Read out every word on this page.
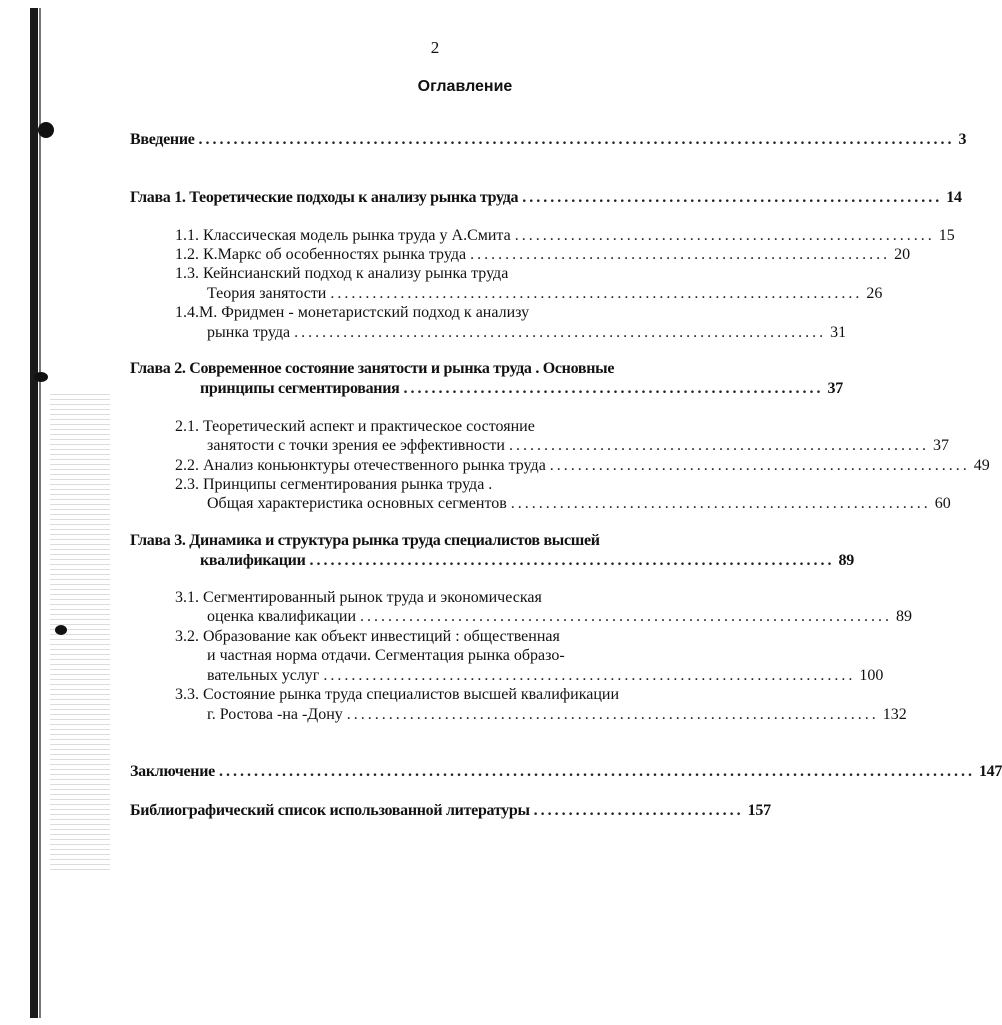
2
Оглавление
Введение ............................................................................................................ 3
Глава 1. Теоретические подходы к анализу рынка труда ............................................................ 14
1.1. Классическая модель рынка труда у А.Смита ............................................................ 15
1.2. К.Маркс об особенностях рынка труда ............................................................ 20
1.3. Кейнсианский подход к анализу рынка труда
Теория занятости ............................................................................ 26
1.4.М. Фридмен - монетаристский подход к анализу
рынка труда ............................................................................ 31
Глава 2. Современное состояние занятости и рынка труда . Основные
принципы сегментирования ............................................................ 37
2.1. Теоретический аспект и практическое состояние
занятости с точки зрения ее эффективности ............................................................ 37
2.2. Анализ коньюнктуры отечественного рынка труда ............................................................ 49
2.3. Принципы сегментирования рынка труда .
Общая характеристика основных сегментов ............................................................ 60
Глава 3. Динамика и структура рынка труда специалистов высшей
квалификации ........................................................................... 89
3.1. Сегментированный рынок труда и экономическая
оценка квалификации ............................................................................ 89
3.2. Образование как объект инвестиций : общественная
и частная норма отдачи. Сегментация рынка образо-
вательных услуг ............................................................................ 100
3.3. Состояние рынка труда специалистов высшей квалификации
г. Ростова -на -Дону ............................................................................ 132
Заключение ............................................................................................................ 147
Библиографический список использованной литературы .............................. 157
